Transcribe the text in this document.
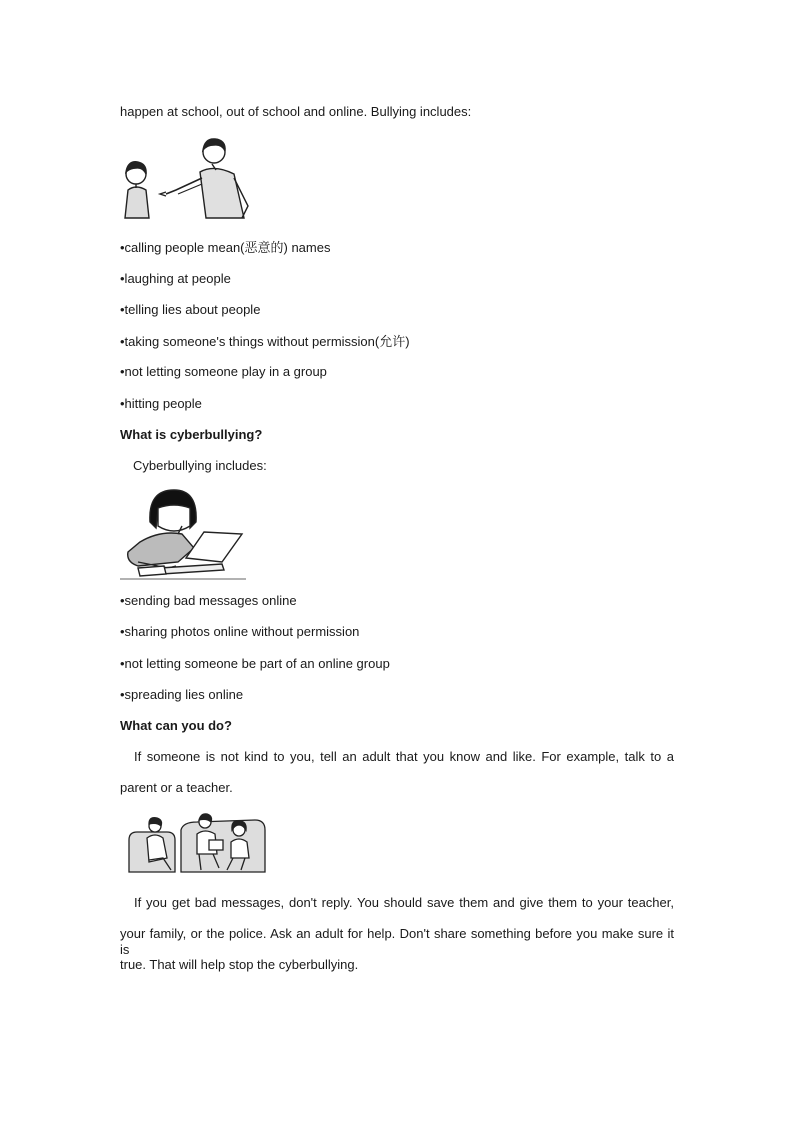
happen at school, out of school and online. Bullying includes:
•calling people mean(恶意的) names
•laughing at people
•telling lies about people
•taking someone's things without permission(允许)
•not letting someone play in a group
•hitting people
What is cyberbullying?
Cyberbullying includes:
•sending bad messages online
•sharing photos online without permission
•not letting someone be part of an online group
•spreading lies online
What can you do?
If someone is not kind to you, tell an adult that you know and like. For example, talk to a
parent or a teacher.
If you get bad messages, don't reply. You should save them and give them to your teacher,
your family, or the police. Ask an adult for help. Don't share something before you make sure it is
true. That will help stop the cyberbullying.
